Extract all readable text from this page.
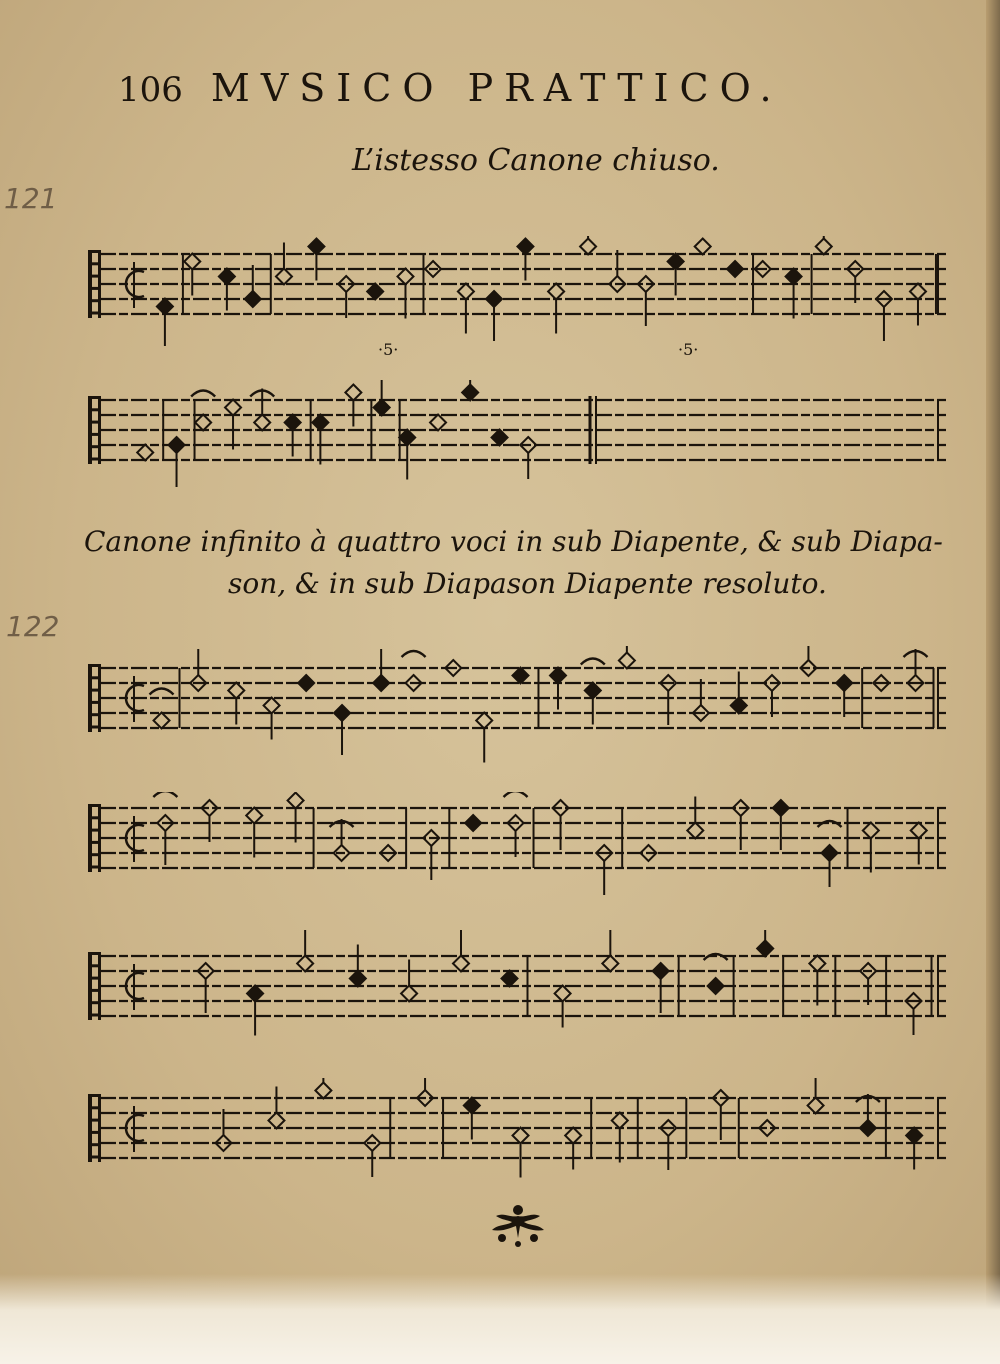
106 MVSICO PRATTICO.
121
122
L’istesso Canone chiuso.
·5·	·5·
Canone infinito à quattro voci in sub Diapente, & sub Diapa-
son, & in sub Diapason Diapente resoluto.
